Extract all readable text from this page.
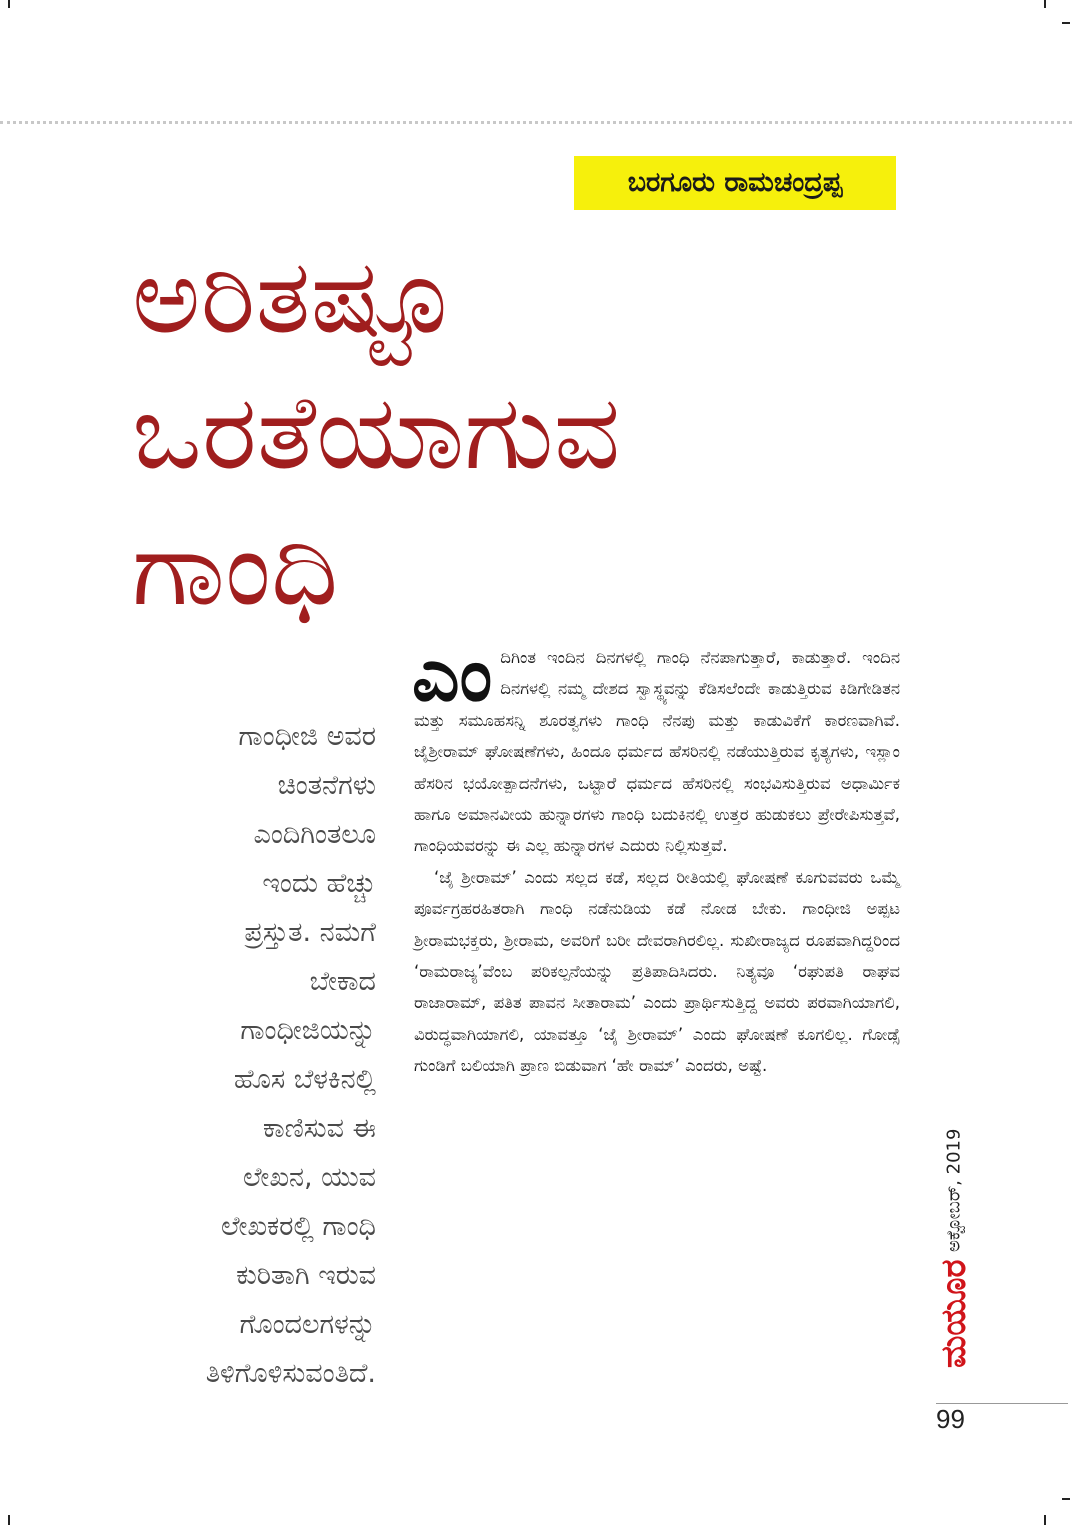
ಬರಗೂರು ರಾಮಚಂದ್ರಪ್ಪ
ಅರಿತಷ್ಟೂ
ಒರತೆಯಾಗುವ
ಗಾಂಧಿ
ಗಾಂಧೀಜಿ ಅವರ
ಚಿಂತನೆಗಳು
ಎಂದಿಗಿಂತಲೂ
ಇಂದು ಹೆಚ್ಚು
ಪ್ರಸ್ತುತ. ನಮಗೆ
ಬೇಕಾದ
ಗಾಂಧೀಜಿಯನ್ನು
ಹೊಸ ಬೆಳಕಿನಲ್ಲಿ
ಕಾಣಿಸುವ ಈ
ಲೇಖನ, ಯುವ
ಲೇಖಕರಲ್ಲಿ ಗಾಂಧಿ
ಕುರಿತಾಗಿ ಇರುವ
ಗೊಂದಲಗಳನ್ನು
ತಿಳಿಗೊಳಿಸುವಂತಿದೆ.

ಎಂದಿಗಿಂತ ಇಂದಿನ ದಿನಗಳಲ್ಲಿ ಗಾಂಧಿ ನೆನಪಾಗುತ್ತಾರೆ, ಕಾಡುತ್ತಾರೆ. ಇಂದಿನ ದಿನಗಳಲ್ಲಿ ನಮ್ಮ ದೇಶದ ಸ್ವಾಸ್ಥ್ಯವನ್ನು ಕೆಡಿಸಲೆಂದೇ ಕಾಡುತ್ತಿರುವ ಕಿಡಿಗೇಡಿತನ ಮತ್ತು ಸಮೂಹಸನ್ನಿ ಶೂರತ್ವಗಳು ಗಾಂಧಿ ನೆನಪು ಮತ್ತು ಕಾಡುವಿಕೆಗೆ ಕಾರಣವಾಗಿವೆ. ಜೈಶ್ರೀರಾಮ್ ಘೋಷಣೆಗಳು, ಹಿಂದೂ ಧರ್ಮದ ಹೆಸರಿನಲ್ಲಿ ನಡೆಯುತ್ತಿರುವ ಕೃತ್ಯಗಳು, ಇಸ್ಲಾಂ ಹೆಸರಿನ ಭಯೋತ್ಪಾದನೆಗಳು, ಒಟ್ಟಾರೆ ಧರ್ಮದ ಹೆಸರಿನಲ್ಲಿ ಸಂಭವಿಸುತ್ತಿರುವ ಅಧಾರ್ಮಿಕ ಹಾಗೂ ಅಮಾನವೀಯ ಹುನ್ನಾರಗಳು ಗಾಂಧಿ ಬದುಕಿನಲ್ಲಿ ಉತ್ತರ ಹುಡುಕಲು ಪ್ರೇರೇಪಿಸುತ್ತವೆ, ಗಾಂಧಿಯವರನ್ನು ಈ ಎಲ್ಲ ಹುನ್ನಾರಗಳ ಎದುರು ನಿಲ್ಲಿಸುತ್ತವೆ.

‘ಜೈ ಶ್ರೀರಾಮ್’ ಎಂದು ಸಲ್ಲದ ಕಡೆ, ಸಲ್ಲದ ರೀತಿಯಲ್ಲಿ ಘೋಷಣೆ ಕೂಗುವವರು ಒಮ್ಮೆ ಪೂರ್ವಗ್ರಹರಹಿತರಾಗಿ ಗಾಂಧಿ ನಡೆನುಡಿಯ ಕಡೆ ನೋಡ ಬೇಕು. ಗಾಂಧೀಜಿ ಅಪ್ಪಟ ಶ್ರೀರಾಮಭಕ್ತರು, ಶ್ರೀರಾಮ, ಅವರಿಗೆ ಬರೀ ದೇವರಾಗಿರಲಿಲ್ಲ. ಸುಖೀರಾಜ್ಯದ ರೂಪವಾಗಿದ್ದರಿಂದ ‘ರಾಮರಾಜ್ಯ’ವೆಂಬ ಪರಿಕಲ್ಪನೆಯನ್ನು ಪ್ರತಿಪಾದಿಸಿದರು. ನಿತ್ಯವೂ ‘ರಘುಪತಿ ರಾಘವ ರಾಜಾರಾಮ್, ಪತಿತ ಪಾವನ ಸೀತಾರಾಮ’ ಎಂದು ಪ್ರಾರ್ಥಿಸುತ್ತಿದ್ದ ಅವರು ಪರವಾಗಿಯಾಗಲಿ, ವಿರುದ್ಧವಾಗಿಯಾಗಲಿ, ಯಾವತ್ತೂ ‘ಜೈ ಶ್ರೀರಾಮ್’ ಎಂದು ಘೋಷಣೆ ಕೂಗಲಿಲ್ಲ. ಗೋಡ್ಸೆ ಗುಂಡಿಗೆ ಬಲಿಯಾಗಿ ಪ್ರಾಣ ಬಿಡುವಾಗ ‘ಹೇ ರಾಮ್’ ಎಂದರು, ಅಷ್ಟೆ.

ಅಕ್ಟೋಬರ್, 2019
ಮಯೂರ
99
